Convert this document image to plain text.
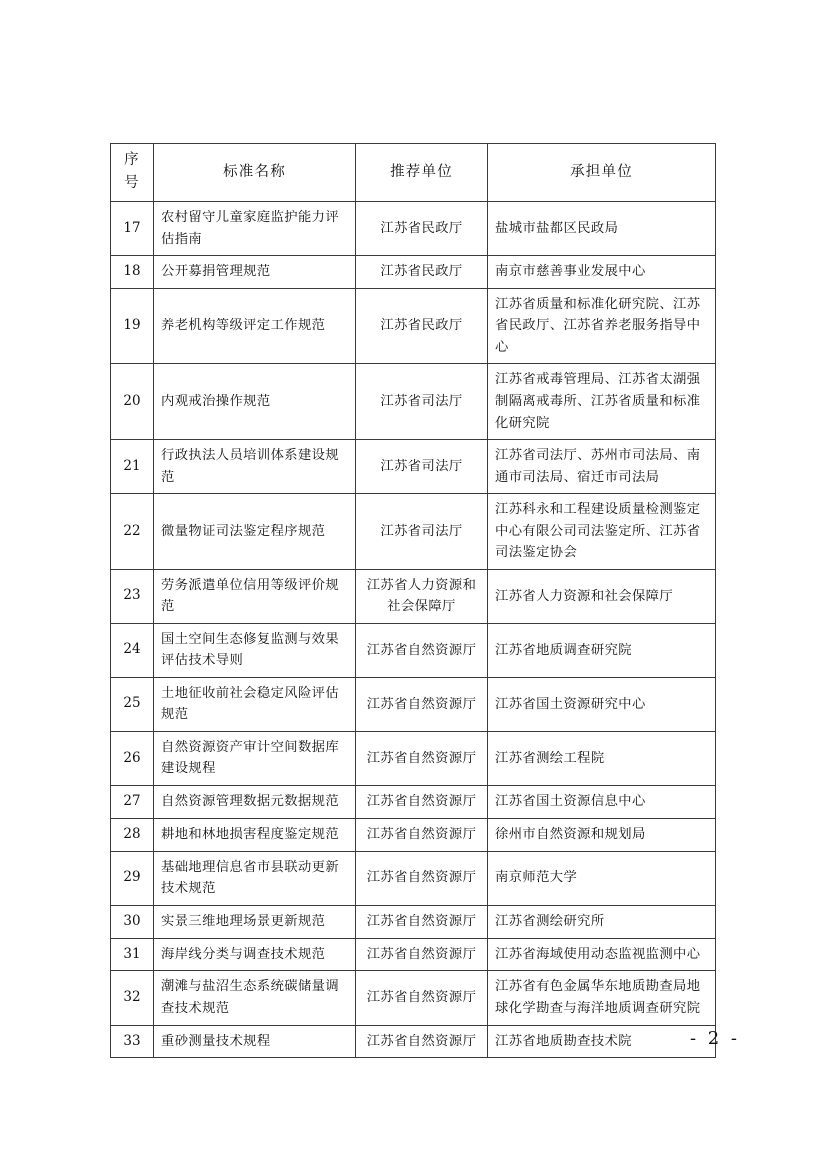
序号	标准名称	推荐单位	承担单位
17	农村留守儿童家庭监护能力评估指南	江苏省民政厅	盐城市盐都区民政局
18	公开募捐管理规范	江苏省民政厅	南京市慈善事业发展中心
19	养老机构等级评定工作规范	江苏省民政厅	江苏省质量和标准化研究院、江苏省民政厅、江苏省养老服务指导中心
20	内观戒治操作规范	江苏省司法厅	江苏省戒毒管理局、江苏省太湖强制隔离戒毒所、江苏省质量和标准化研究院
21	行政执法人员培训体系建设规范	江苏省司法厅	江苏省司法厅、苏州市司法局、南通市司法局、宿迁市司法局
22	微量物证司法鉴定程序规范	江苏省司法厅	江苏科永和工程建设质量检测鉴定中心有限公司司法鉴定所、江苏省司法鉴定协会
23	劳务派遣单位信用等级评价规范	江苏省人力资源和社会保障厅	江苏省人力资源和社会保障厅
24	国土空间生态修复监测与效果评估技术导则	江苏省自然资源厅	江苏省地质调查研究院
25	土地征收前社会稳定风险评估规范	江苏省自然资源厅	江苏省国土资源研究中心
26	自然资源资产审计空间数据库建设规程	江苏省自然资源厅	江苏省测绘工程院
27	自然资源管理数据元数据规范	江苏省自然资源厅	江苏省国土资源信息中心
28	耕地和林地损害程度鉴定规范	江苏省自然资源厅	徐州市自然资源和规划局
29	基础地理信息省市县联动更新技术规范	江苏省自然资源厅	南京师范大学
30	实景三维地理场景更新规范	江苏省自然资源厅	江苏省测绘研究所
31	海岸线分类与调查技术规范	江苏省自然资源厅	江苏省海域使用动态监视监测中心
32	潮滩与盐沼生态系统碳储量调查技术规范	江苏省自然资源厅	江苏省有色金属华东地质勘查局地球化学勘查与海洋地质调查研究院
33	重砂测量技术规程	江苏省自然资源厅	江苏省地质勘查技术院	- 2 -
